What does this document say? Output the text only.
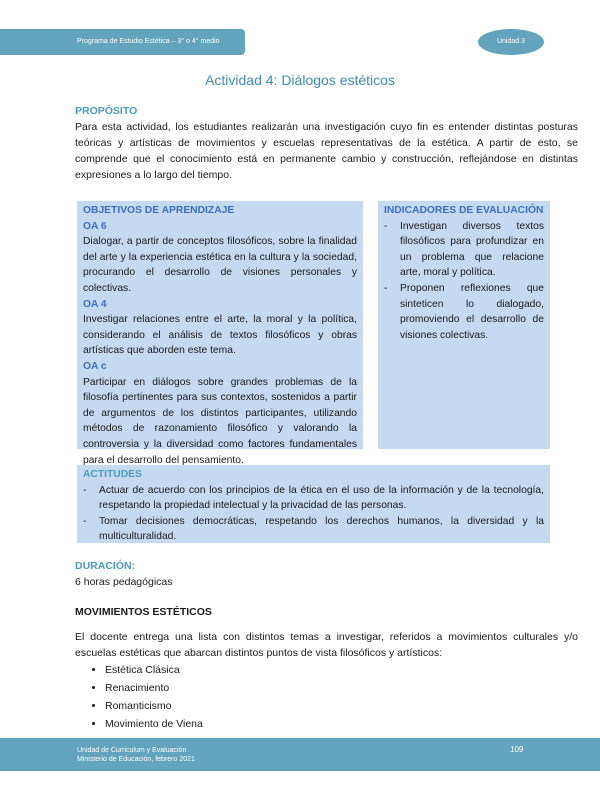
Programa de Estudio Estética – 3° o 4° medio	Unidad 3
Actividad 4: Diálogos estéticos
PROPÓSITO
Para esta actividad, los estudiantes realizarán una investigación cuyo fin es entender distintas posturas teóricas y artísticas de movimientos y escuelas representativas de la estética. A partir de esto, se comprende que el conocimiento está en permanente cambio y construcción, reflejándose en distintas expresiones a lo largo del tiempo.
OBJETIVOS DE APRENDIZAJE
OA 6
Dialogar, a partir de conceptos filosóficos, sobre la finalidad del arte y la experiencia estética en la cultura y la sociedad, procurando el desarrollo de visiones personales y colectivas.
OA 4
Investigar relaciones entre el arte, la moral y la política, considerando el análisis de textos filosóficos y obras artísticas que aborden este tema.
OA c
Participar en diálogos sobre grandes problemas de la filosofía pertinentes para sus contextos, sostenidos a partir de argumentos de los distintos participantes, utilizando métodos de razonamiento filosófico y valorando la controversia y la diversidad como factores fundamentales para el desarrollo del pensamiento.
INDICADORES DE EVALUACIÓN
-	Investigan diversos textos filosóficos para profundizar en un problema que relacione arte, moral y política.
-	Proponen reflexiones que sinteticen lo dialogado, promoviendo el desarrollo de visiones colectivas.
ACTITUDES
-	Actuar de acuerdo con los principios de la ética en el uso de la información y de la tecnología, respetando la propiedad intelectual y la privacidad de las personas.
-	Tomar decisiones democráticas, respetando los derechos humanos, la diversidad y la multiculturalidad.
DURACIÓN:
6 horas pedagógicas
MOVIMIENTOS ESTÉTICOS
El docente entrega una lista con distintos temas a investigar, referidos a movimientos culturales y/o escuelas estéticas que abarcan distintos puntos de vista filosóficos y artísticos:
• Estética Clásica
• Renacimiento
• Romanticismo
• Movimiento de Viena
Unidad de Curriculum y Evaluación
Ministerio de Educación, febrero 2021
109
